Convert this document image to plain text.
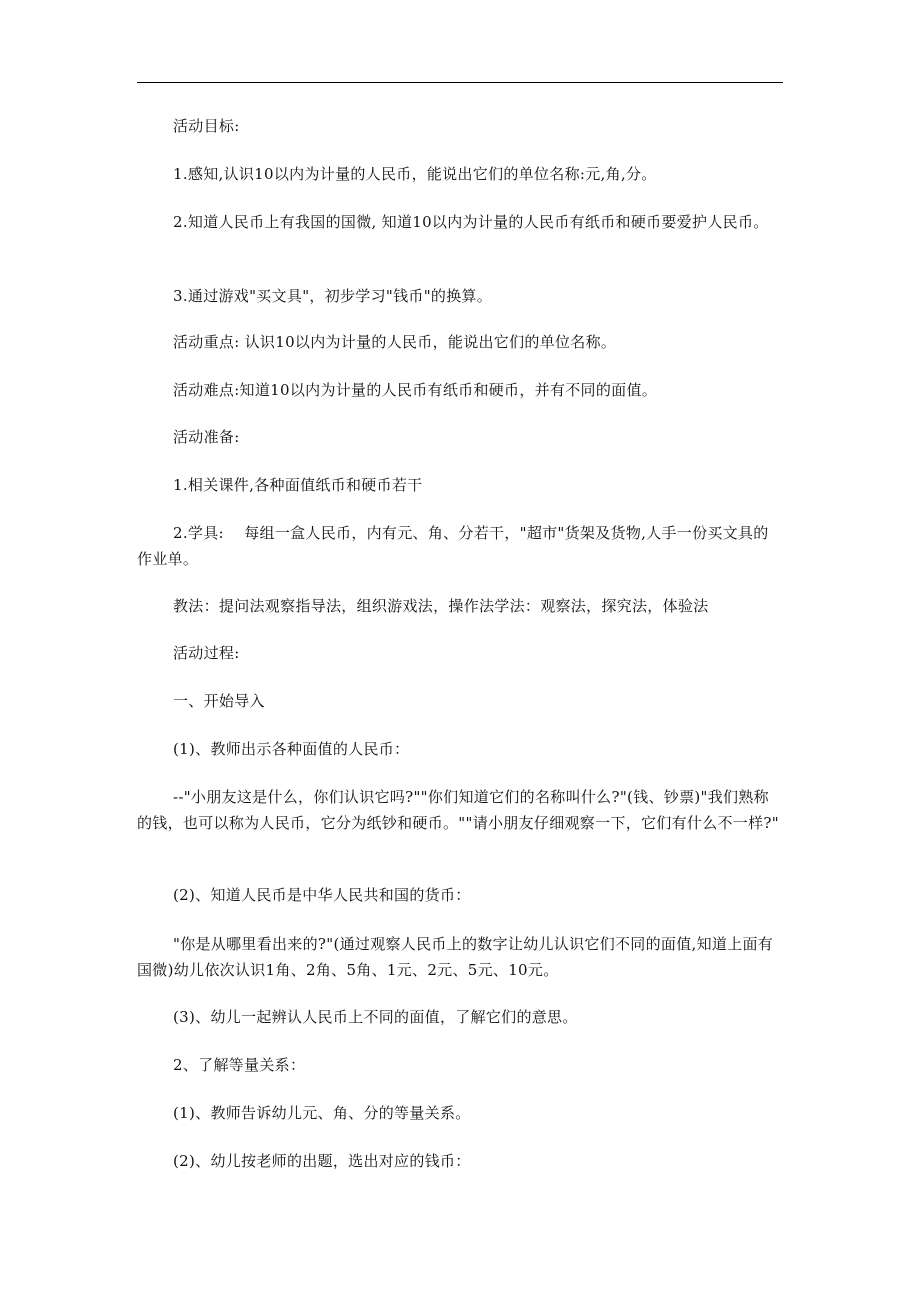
活动目标:

1.感知,认识10以内为计量的人民币，能说出它们的单位名称:元,角,分。

2.知道人民币上有我国的国微, 知道10以内为计量的人民币有纸币和硬币要爱护人民币。

3.通过游戏"买文具"，初步学习"钱币"的换算。

活动重点: 认识10以内为计量的人民币，能说出它们的单位名称。

活动难点:知道10以内为计量的人民币有纸币和硬币，并有不同的面值。

活动准备:

1.相关课件,各种面值纸币和硬币若干

2.学具:　 每组一盒人民币，内有元、角、分若干，"超市"货架及货物,人手一份买文具的作业单。

教法：提问法观察指导法，组织游戏法，操作法学法：观察法，探究法，体验法

活动过程:

一、开始导入

(1)、教师出示各种面值的人民币：

--"小朋友这是什么，你们认识它吗?""你们知道它们的名称叫什么?"(钱、钞票)"我们熟称的钱，也可以称为人民币，它分为纸钞和硬币。""请小朋友仔细观察一下，它们有什么不一样?"

(2)、知道人民币是中华人民共和国的货币：

"你是从哪里看出来的?"(通过观察人民币上的数字让幼儿认识它们不同的面值,知道上面有国微)幼儿依次认识1角、2角、5角、1元、2元、5元、10元。

(3)、幼儿一起辨认人民币上不同的面值，了解它们的意思。

2、了解等量关系：

(1)、教师告诉幼儿元、角、分的等量关系。

(2)、幼儿按老师的出题，选出对应的钱币：
